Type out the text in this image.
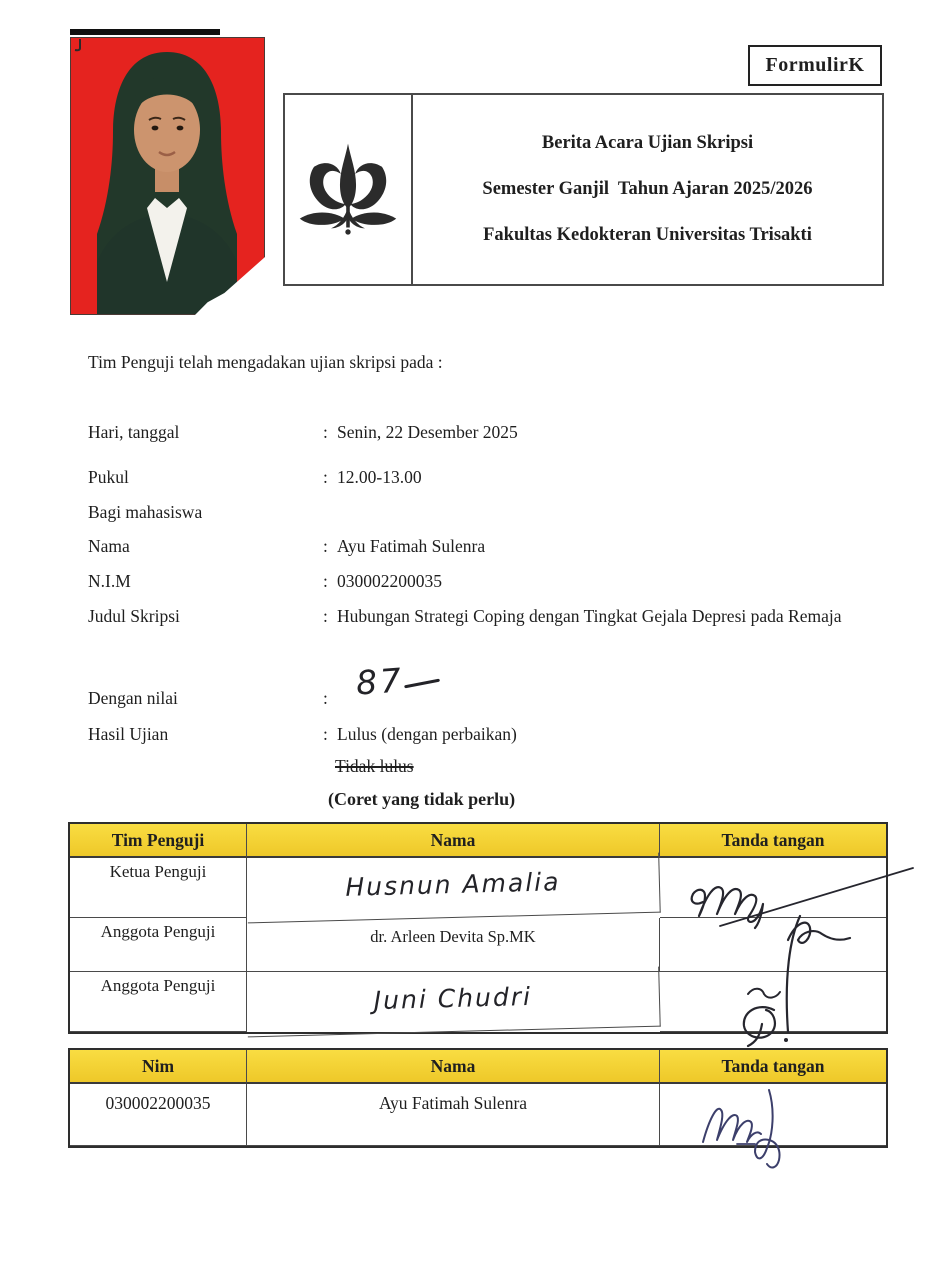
FormulirK
Berita Acara Ujian Skripsi
Semester Ganjil  Tahun Ajaran 2025/2026
Fakultas Kedokteran Universitas Trisakti
Tim Penguji telah mengadakan ujian skripsi pada :
Hari, tanggal	: Senin, 22 Desember 2025
Pukul	: 12.00-13.00
Bagi mahasiswa
Nama	: Ayu Fatimah Sulenra
N.I.M	: 030002200035
Judul Skripsi	: Hubungan Strategi Coping dengan Tingkat Gejala Depresi pada Remaja
Dengan nilai	: 87
Hasil Ujian	: Lulus (dengan perbaikan)
Tidak lulus
(Coret yang tidak perlu)
Tim Penguji	Nama	Tanda tangan
Ketua Penguji	Husnun Amalia
Anggota Penguji	dr. Arleen Devita Sp.MK
Anggota Penguji	Juni Chudri
Nim	Nama	Tanda tangan
030002200035	Ayu Fatimah Sulenra
